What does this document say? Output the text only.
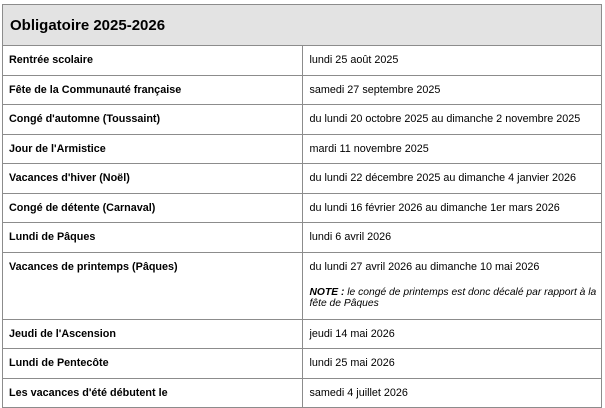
Obligatoire 2025-2026	
Rentrée scolaire	lundi 25 août 2025
Fête de la Communauté française	samedi 27 septembre 2025
Congé d'automne (Toussaint)	du lundi 20 octobre 2025 au dimanche 2 novembre 2025
Jour de l'Armistice	mardi 11 novembre 2025
Vacances d'hiver (Noël)	du lundi 22 décembre 2025 au dimanche 4 janvier 2026
Congé de détente (Carnaval)	du lundi 16 février 2026 au dimanche 1er mars 2026
Lundi de Pâques	lundi 6 avril 2026
Vacances de printemps (Pâques)	du lundi 27 avril 2026 au dimanche 10 mai 2026
NOTE : le congé de printemps est donc décalé par rapport à la fête de Pâques

Jeudi de l'Ascension	jeudi 14 mai 2026
Lundi de Pentecôte	lundi 25 mai 2026
Les vacances d'été débutent le	samedi 4 juillet 2026
